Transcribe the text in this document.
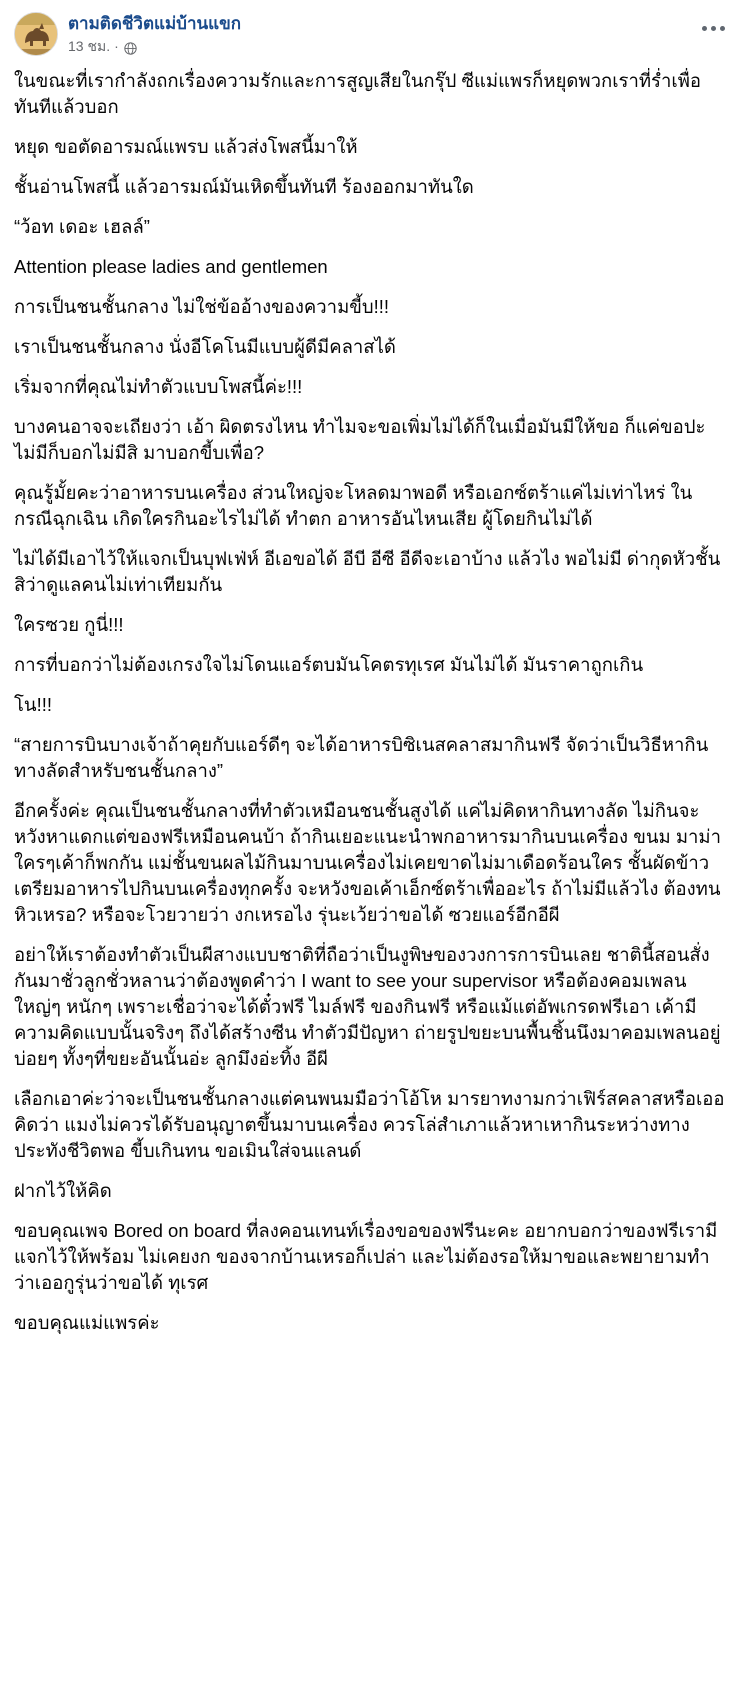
ตามติดชีวิตแม่บ้านแขก
13 ชม. ·

ในขณะที่เรากำลังถกเรื่องความรักและการสูญเสียในกรุ๊ป ซีแม่แพรก็หยุดพวกเราที่ร่ำเพื่อทันทีแล้วบอก

หยุด ขอตัดอารมณ์แพรบ แล้วส่งโพสนี้มาให้

ชั้นอ่านโพสนี้ แล้วอารมณ์มันเหิดขึ้นทันที ร้องออกมาทันใด

“ว้อท เดอะ เฮลล์”

Attention please ladies and gentlemen

การเป็นชนชั้นกลาง ไม่ใช่ข้ออ้างของความขี้บ!!!

เราเป็นชนชั้นกลาง นั่งอีโคโนมีแบบผู้ดีมีคลาสได้

เริ่มจากที่คุณไม่ทำตัวแบบโพสนี้ค่ะ!!!

บางคนอาจจะเถียงว่า เอ้า ผิดตรงไหน ทำไมจะขอเพิ่มไม่ได้ก็ในเมื่อมันมีให้ขอ ก็แค่ขอปะ ไม่มีก็บอกไม่มีสิ มาบอกขี้บเพื่อ?

คุณรู้มั้ยคะว่าอาหารบนเครื่อง ส่วนใหญ่จะโหลดมาพอดี หรือเอกซ์ตร้าแค่ไม่เท่าไหร่ ในกรณีฉุกเฉิน เกิดใครกินอะไรไม่ได้ ทำตก อาหารอันไหนเสีย ผู้โดยกินไม่ได้

ไม่ได้มีเอาไว้ให้แจกเป็นบุฟเฟ่ห์ อีเอขอได้ อีบี อีซี อีดีจะเอาบ้าง แล้วไง พอไม่มี ด่ากุดหัวชั้นสิว่าดูแลคนไม่เท่าเทียมกัน

ใครซวย กูนี่!!!

การที่บอกว่าไม่ต้องเกรงใจไม่โดนแอร์ตบมันโคตรทุเรศ มันไม่ได้ มันราคาถูกเกิน

โน!!!

“สายการบินบางเจ้าถ้าคุยกับแอร์ดีๆ จะได้อาหารบิซิเนสคลาสมากินฟรี จัดว่าเป็นวิธีหากินทางลัดสำหรับชนชั้นกลาง”

อีกครั้งค่ะ คุณเป็นชนชั้นกลางที่ทำตัวเหมือนชนชั้นสูงได้ แค่ไม่คิดหากินทางลัด ไม่กินจะหวังหาแดกแต่ของฟรีเหมือนคนบ้า ถ้ากินเยอะแนะนำพกอาหารมากินบนเครื่อง ขนม มาม่า ใครๆเค้าก็พกกัน แม่ชั้นขนผลไม้กินมาบนเครื่องไม่เคยขาดไม่มาเดือดร้อนใคร ชั้นผัดข้าวเตรียมอาหารไปกินบนเครื่องทุกครั้ง จะหวังขอเค้าเอ็กซ์ตร้าเพื่ออะไร ถ้าไม่มีแล้วไง ต้องทนหิวเหรอ? หรือจะโวยวายว่า งกเหรอไง รุ่นะเว้ยว่าขอได้ ซวยแอร์อีกอีผี

อย่าให้เราต้องทำตัวเป็นผีสางแบบชาติที่ถือว่าเป็นงูพิษของวงการการบินเลย ชาตินี้สอนสั่งกันมาชั่วลูกชั่วหลานว่าต้องพูดคำว่า I want to see your supervisor หรือต้องคอมเพลนใหญ่ๆ หนักๆ เพราะเชื่อว่าจะได้ตั๋วฟรี ไมล์ฟรี ของกินฟรี หรือแม้แต่อัพเกรดฟรีเอา เค้ามีความคิดแบบนั้นจริงๆ ถึงได้สร้างซีน ทำตัวมีปัญหา ถ่ายรูปขยะบนพื้นชิ้นนึงมาคอมเพลนอยู่บ่อยๆ ทั้งๆที่ขยะอันนั้นอ่ะ ลูกมึงอ่ะทิ้ง อีผี

เลือกเอาค่ะว่าจะเป็นชนชั้นกลางแต่คนพนมมือว่าโอ้โห มารยาทงามกว่าเฟิร์สคลาสหรือเออคิดว่า แมงไม่ควรได้รับอนุญาตขึ้นมาบนเครื่อง ควรโล่สำเภาแล้วหาเหากินระหว่างทางประทังชีวิตพอ ขี้บเกินทน ขอเมินใส่จนแลนด์

ฝากไว้ให้คิด

ขอบคุณเพจ Bored on board ที่ลงคอนเทนท์เรื่องขอของฟรีนะคะ อยากบอกว่าของฟรีเรามีแจกไว้ให้พร้อม ไม่เคยงก ของจากบ้านเหรอก็เปล่า และไม่ต้องรอให้มาขอและพยายามทำว่าเออกูรุ่นว่าขอได้ ทุเรศ

ขอบคุณแม่แพรค่ะ
